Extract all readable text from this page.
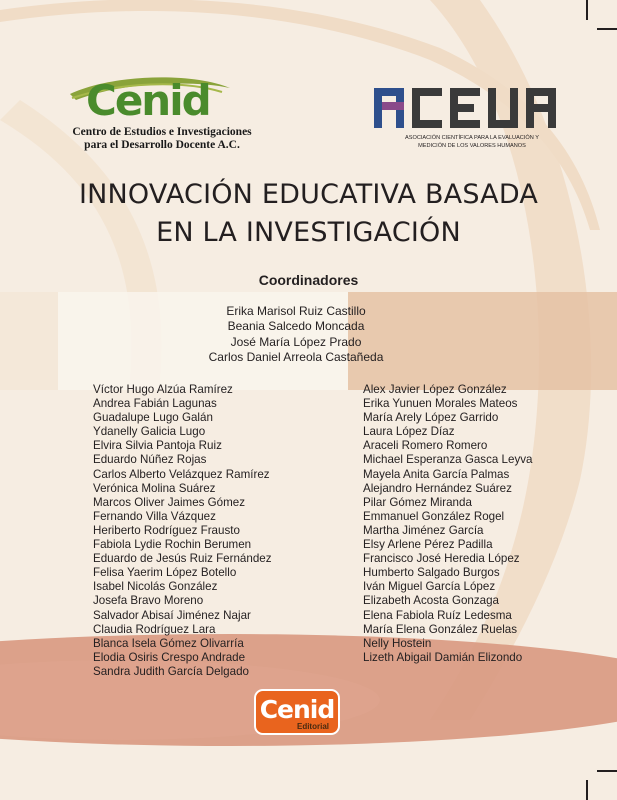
Cenid
Centro de Estudios e Investigaciones
para el Desarrollo Docente A.C.
ASOCIACIÓN CIENTÍFICA PARA LA EVALUACIÓN Y
MEDICIÓN DE LOS VALORES HUMANOS
INNOVACIÓN EDUCATIVA BASADA
EN LA INVESTIGACIÓN
Coordinadores
Erika Marisol Ruiz Castillo
Beania Salcedo Moncada
José María López Prado
Carlos Daniel Arreola Castañeda
Víctor Hugo Alzúa Ramírez
Andrea Fabián Lagunas
Guadalupe Lugo Galán
Ydanelly Galicia Lugo
Elvira Silvia Pantoja Ruiz
Eduardo Núñez Rojas
Carlos Alberto Velázquez Ramírez
Verónica Molina Suárez
Marcos Oliver Jaimes Gómez
Fernando Villa Vázquez
Heriberto Rodríguez Frausto
Fabiola Lydie Rochin Berumen
Eduardo de Jesús Ruiz Fernández
Felisa Yaerim López Botello
Isabel Nicolás González
Josefa Bravo Moreno
Salvador Abisaí Jiménez Najar
Claudia Rodríguez Lara
Blanca Isela Gómez Olivarría
Elodia Osiris Crespo Andrade
Sandra Judith García Delgado
Alex Javier López González
Erika Yunuen Morales Mateos
María Arely López Garrido
Laura López Díaz
Araceli Romero Romero
Michael Esperanza Gasca Leyva
Mayela Anita García Palmas
Alejandro Hernández Suárez
Pilar Gómez Miranda
Emmanuel González Rogel
Martha Jiménez García
Elsy Arlene Pérez Padilla
Francisco José Heredia López
Humberto Salgado Burgos
Iván Miguel García López
Elizabeth Acosta Gonzaga
Elena Fabiola Ruíz Ledesma
María Elena González Ruelas
Nelly Hostein
Lizeth Abigail Damián Elizondo
Cenid
Editorial
